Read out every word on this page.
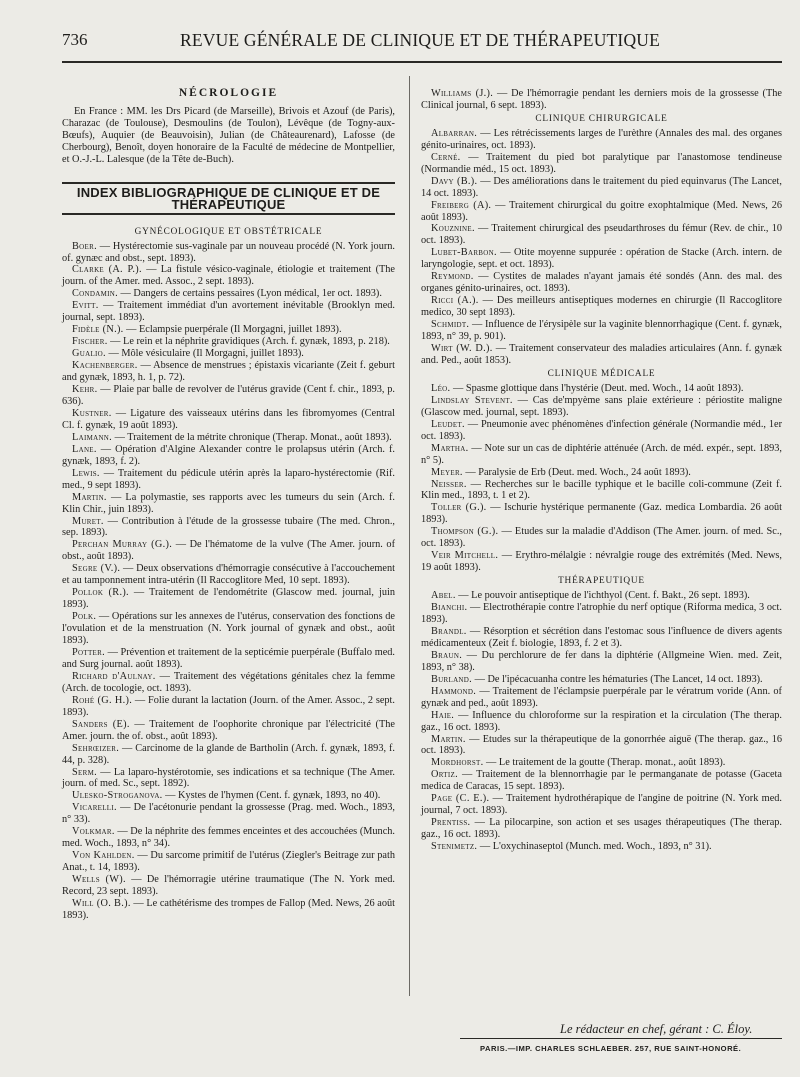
736	REVUE GÉNÉRALE DE CLINIQUE ET DE THÉRAPEUTIQUE
NÉCROLOGIE

En France : MM. les Drs Picard (de Marseille), Brivois et Azouf (de Paris), Charazac (de Toulouse), Desmoulins (de Toulon), Lévêque (de Togny-aux-Bœufs), Auquier (de Beauvoisin), Julian (de Châteaurenard), Lafosse (de Cherbourg), Benoît, doyen honoraire de la Faculté de médecine de Montpellier, et O.-J.-L. Lalesque (de la Tête de-Buch).

INDEX BIBLIOGRAPHIQUE DE CLINIQUE ET DE THÉRAPEUTIQUE
GYNÉCOLOGIQUE ET OBSTÉTRICALE

Boer. — Hystérectomie sus-vaginale par un nouveau procédé (N. York journ. of. gynæc and obst., sept. 1893).

Clarke (A. P.). — La fistule vésico-vaginale, étiologie et traitement (The journ. of the Amer. med. Assoc., 2 sept. 1893).

Condamin. — Dangers de certains pessaires (Lyon médical, 1er oct. 1893).

Evitt. — Traitement immédiat d'un avortement inévitable (Brooklyn med. journal, sept. 1893).

Fidèle (N.). — Eclampsie puerpérale (Il Morgagni, juillet 1893).

Fischer. — Le rein et la néphrite gravidiques (Arch. f. gynæk, 1893, p. 218).

Gualio. — Môle vésiculaire (Il Morgagni, juillet 1893).

Kachenberger. — Absence de menstrues ; épistaxis vicariante (Zeit f. geburt and gynæk, 1893, h. 1, p. 72).

Kehr. — Plaie par balle de revolver de l'utérus gravide (Cent f. chir., 1893, p. 636).

Kustner. — Ligature des vaisseaux utérins dans les fibromyomes (Central Cl. f. gynæk, 19 août 1893).

Laimann. — Traitement de la métrite chronique (Therap. Monat., août 1893).

Lane. — Opération d'Algine Alexander contre le prolapsus utérin (Arch. f. gynæk, 1893, f. 2).

Lewis. — Traitement du pédicule utérin après la laparo-hystérectomie (Rif. med., 9 sept 1893).

Martin. — La polymastie, ses rapports avec les tumeurs du sein (Arch. f. Klin Chir., juin 1893).

Muret. — Contribution à l'étude de la grossesse tubaire (The med. Chron., sep. 1893).

Perchan Murray (G.). — De l'hématome de la vulve (The Amer. journ. of obst., août 1893).

Segre (V.). — Deux observations d'hémorragie consécutive à l'accouchement et au tamponnement intra-utérin (Il Raccoglitore Med, 10 sept. 1893).

Pollok (R.). — Traitement de l'endométrite (Glascow med. journal, juin 1893).

Polk. — Opérations sur les annexes de l'utérus, conservation des fonctions de l'ovulation et de la menstruation (N. York journal of gynæk and obst., août 1893).

Potter. — Prévention et traitement de la septicémie puerpérale (Buffalo med. and Surg journal. août 1893).

Richard d'Aulnay. — Traitement des végétations génitales chez la femme (Arch. de tocologie, oct. 1893).

Rohé (G. H.). — Folie durant la lactation (Journ. of the Amer. Assoc., 2 sept. 1893).

Sanders (E). — Traitement de l'oophorite chronique par l'électricité (The Amer. journ. the of. obst., août 1893).

Sehrœizer. — Carcinome de la glande de Bartholin (Arch. f. gynæk, 1893, f. 44, p. 328).

Serm. — La laparo-hystérotomie, ses indications et sa technique (The Amer. journ. of med. Sc., sept. 1892).

Ulesko-Stroganova. — Kystes de l'hymen (Cent. f. gynæk, 1893, no 40).

Vicarelli. — De l'acétonurie pendant la grossesse (Prag. med. Woch., 1893, n° 33).

Volkmar. — De la néphrite des femmes enceintes et des accouchées (Munch. med. Woch., 1893, n° 34).

Von Kahlden. — Du sarcome primitif de l'utérus (Ziegler's Beitrage zur path Anat., t. 14, 1893).

Wells (W). — De l'hémorragie utérine traumatique (The N. York med. Record, 23 sept. 1893).

Will (O. B.). — Le cathétérisme des trompes de Fallop (Med. News, 26 août 1893).

Williams (J.). — De l'hémorragie pendant les derniers mois de la grossesse (The Clinical journal, 6 sept. 1893).

CLINIQUE CHIRURGICALE

Albarran. — Les rétrécissements larges de l'urèthre (Annales des mal. des organes génito-urinaires, oct. 1893).

Cerné. — Traitement du pied bot paralytique par l'anastomose tendineuse (Normandie méd., 15 oct. 1893).

Davy (B.). — Des améliorations dans le traitement du pied equinvarus (The Lancet, 14 oct. 1893).

Freiberg (A). — Traitement chirurgical du goitre exophtalmique (Med. News, 26 août 1893).

Kouznine. — Traitement chirurgical des pseudarthroses du fémur (Rev. de chir., 10 oct. 1893).

Lubet-Barbon. — Otite moyenne suppurée : opération de Stacke (Arch. intern. de laryngologie, sept. et oct. 1893).

Reymond. — Cystites de malades n'ayant jamais été sondés (Ann. des mal. des organes génito-urinaires, oct. 1893).

Ricci (A.). — Des meilleurs antiseptiques modernes en chirurgie (Il Raccoglitore medico, 30 sept 1893).

Schmidt. — Influence de l'érysipèle sur la vaginite blennorrhagique (Cent. f. gynæk, 1893, n° 39, p. 901).

Wirt (W. D.). — Traitement conservateur des maladies articulaires (Ann. f. gynæk and. Ped., août 1853).

CLINIQUE MÉDICALE

Léo. — Spasme glottique dans l'hystérie (Deut. med. Woch., 14 août 1893).

Lindslay Stevent. — Cas de'mpyème sans plaie extérieure : périostite maligne (Glascow med. journal, sept. 1893).

Leudet. — Pneumonie avec phénomènes d'infection générale (Normandie méd., 1er oct. 1893).

Martha. — Note sur un cas de diphtérie atténuée (Arch. de méd. expér., sept. 1893, n° 5).

Meyer. — Paralysie de Erb (Deut. med. Woch., 24 août 1893).

Neisser. — Recherches sur le bacille typhique et le bacille coli-commune (Zeit f. Klin med., 1893, t. 1 et 2).

Toller (G.). — Ischurie hystérique permanente (Gaz. medica Lombardia. 26 août 1893).

Thompson (G.). — Etudes sur la maladie d'Addison (The Amer. journ. of med. Sc., oct. 1893).

Veir Mitchell. — Erythro-mélalgie : névralgie rouge des extrémités (Med. News, 19 août 1893).

THÉRAPEUTIQUE

Abel. — Le pouvoir antiseptique de l'ichthyol (Cent. f. Bakt., 26 sept. 1893).

Bianchi. — Electrothérapie contre l'atrophie du nerf optique (Riforma medica, 3 oct. 1893).

Brandl. — Résorption et sécrétion dans l'estomac sous l'influence de divers agents médicamenteux (Zeit f. biologie, 1893, f. 2 et 3).

Braun. — Du perchlorure de fer dans la diphtérie (Allgmeine Wien. med. Zeit, 1893, n° 38).

Burland. — De l'ipécacuanha contre les hématuries (The Lancet, 14 oct. 1893).

Hammond. — Traitement de l'éclampsie puerpérale par le vératrum voride (Ann. of gynæk and ped., août 1893).

Haie. — Influence du chloroforme sur la respiration et la circulation (The therap. gaz., 16 oct. 1893).

Martin. — Etudes sur la thérapeutique de la gonorrhée aiguë (The therap. gaz., 16 oct. 1893).

Mordhorst. — Le traitement de la goutte (Therap. monat., août 1893).

Ortiz. — Traitement de la blennorrhagie par le permanganate de potasse (Gaceta medica de Caracas, 15 sept. 1893).

Page (C. E.). — Traitement hydrothérapique de l'angine de poitrine (N. York med. journal, 7 oct. 1893).

Prentiss. — La pilocarpine, son action et ses usages thérapeutiques (The therap. gaz., 16 oct. 1893).

Stenimetz. — L'oxychinaseptol (Munch. med. Woch., 1893, n° 31).

Le rédacteur en chef, gérant : C. Éloy.
PARIS.—IMP. CHARLES SCHLAEBER. 257, RUE SAINT-HONORÉ.
